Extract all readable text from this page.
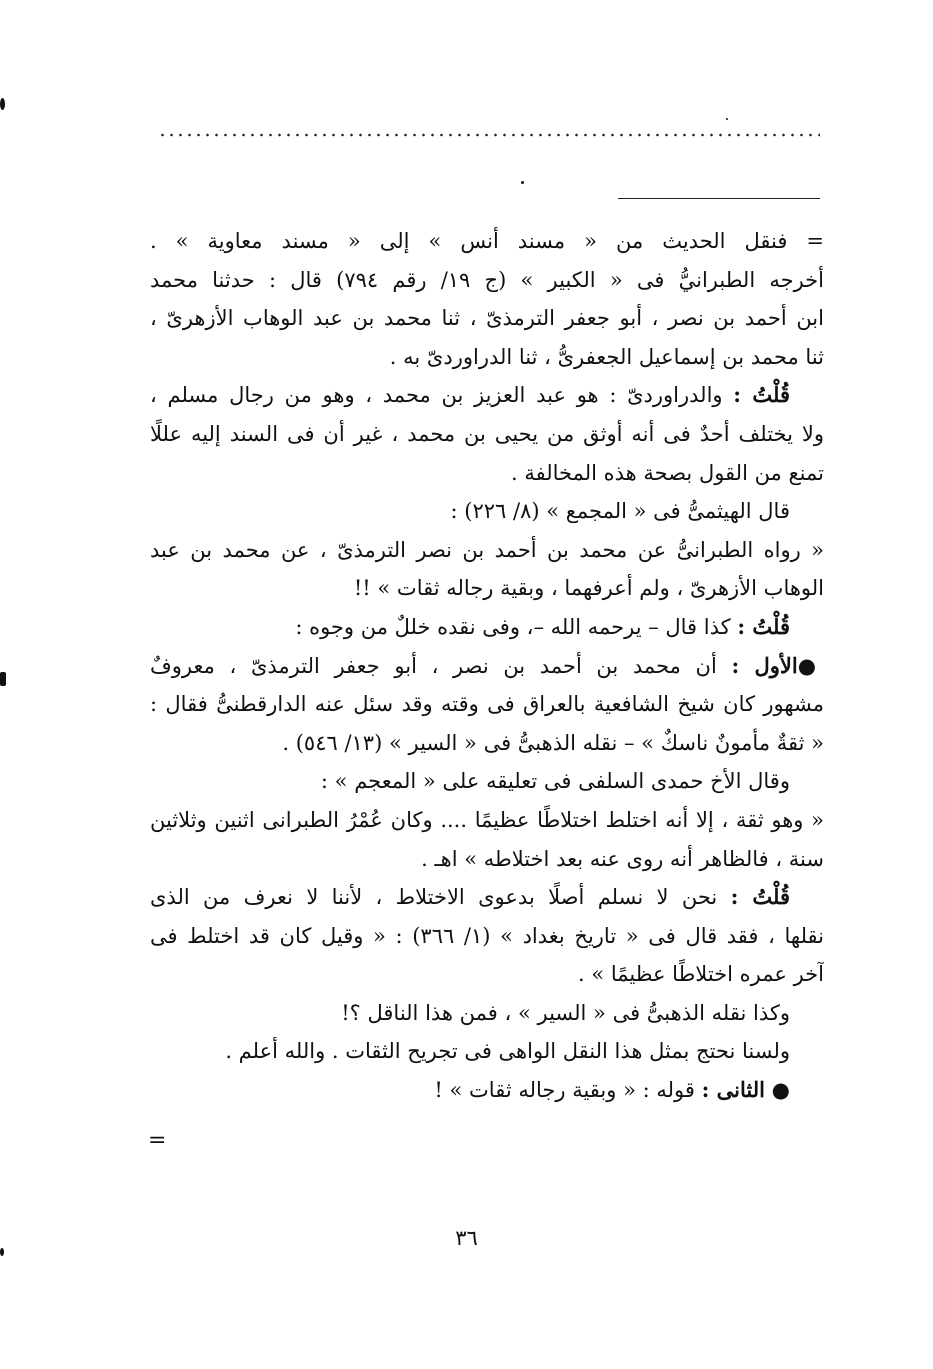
= فنقل الحديث من « مسند أنس » إلى « مسند معاوية » .
أخرجه الطبرانيُّ فى « الكبير » (ج ١٩/ رقم ٧٩٤) قال : حدثنا محمد
ابن أحمد بن نصر ، أبو جعفر الترمذىّ ، ثنا محمد بن عبد الوهاب الأزهرىّ ،
ثنا محمد بن إسماعيل الجعفرىُّ ، ثنا الدراوردىّ به .
قُلْتُ : والدراوردىّ : هو عبد العزيز بن محمد ، وهو من رجال مسلم ،
ولا يختلف أحدٌ فى أنه أوثق من يحيى بن محمد ، غير أن فى السند إليه عللًا
تمنع من القول بصحة هذه المخالفة .
قال الهيثمىُّ فى « المجمع » (٨/ ٢٢٦) :
« رواه الطبرانىُّ عن محمد بن أحمد بن نصر الترمذىّ ، عن محمد بن عبد
الوهاب الأزهرىّ ، ولم أعرفهما ، وبقية رجاله ثقات » !!
قُلْتُ : كذا قال – يرحمه الله –، وفى نقده خللٌ من وجوه :
●الأول : أن محمد بن أحمد بن نصر ، أبو جعفر الترمذىّ ، معروفٌ
مشهور كان شيخ الشافعية بالعراق فى وقته وقد سئل عنه الدارقطنىُّ فقال :
« ثقةٌ مأمونٌ ناسكٌ » – نقله الذهبىُّ فى « السير » (١٣/ ٥٤٦) .
وقال الأخ حمدى السلفى فى تعليقه على « المعجم » :
« وهو ثقة ، إلا أنه اختلط اختلاطًا عظيمًا .... وكان عُمْرُ الطبرانى اثنين وثلاثين
سنة ، فالظاهر أنه روى عنه بعد اختلاطه » اهـ .
قُلْتُ : نحن لا نسلم أصلًا بدعوى الاختلاط ، لأننا لا نعرف من الذى
نقلها ، فقد قال فى « تاريخ بغداد » (١/ ٣٦٦) : « وقيل كان قد اختلط فى
آخر عمره اختلاطًا عظيمًا » .
وكذا نقله الذهبىُّ فى « السير » ، فمن هذا الناقل ؟!
ولسنا نحتج بمثل هذا النقل الواهى فى تجريح الثقات . والله أعلم .
● الثانى : قوله : « وبقية رجاله ثقات » !
=
٣٦
